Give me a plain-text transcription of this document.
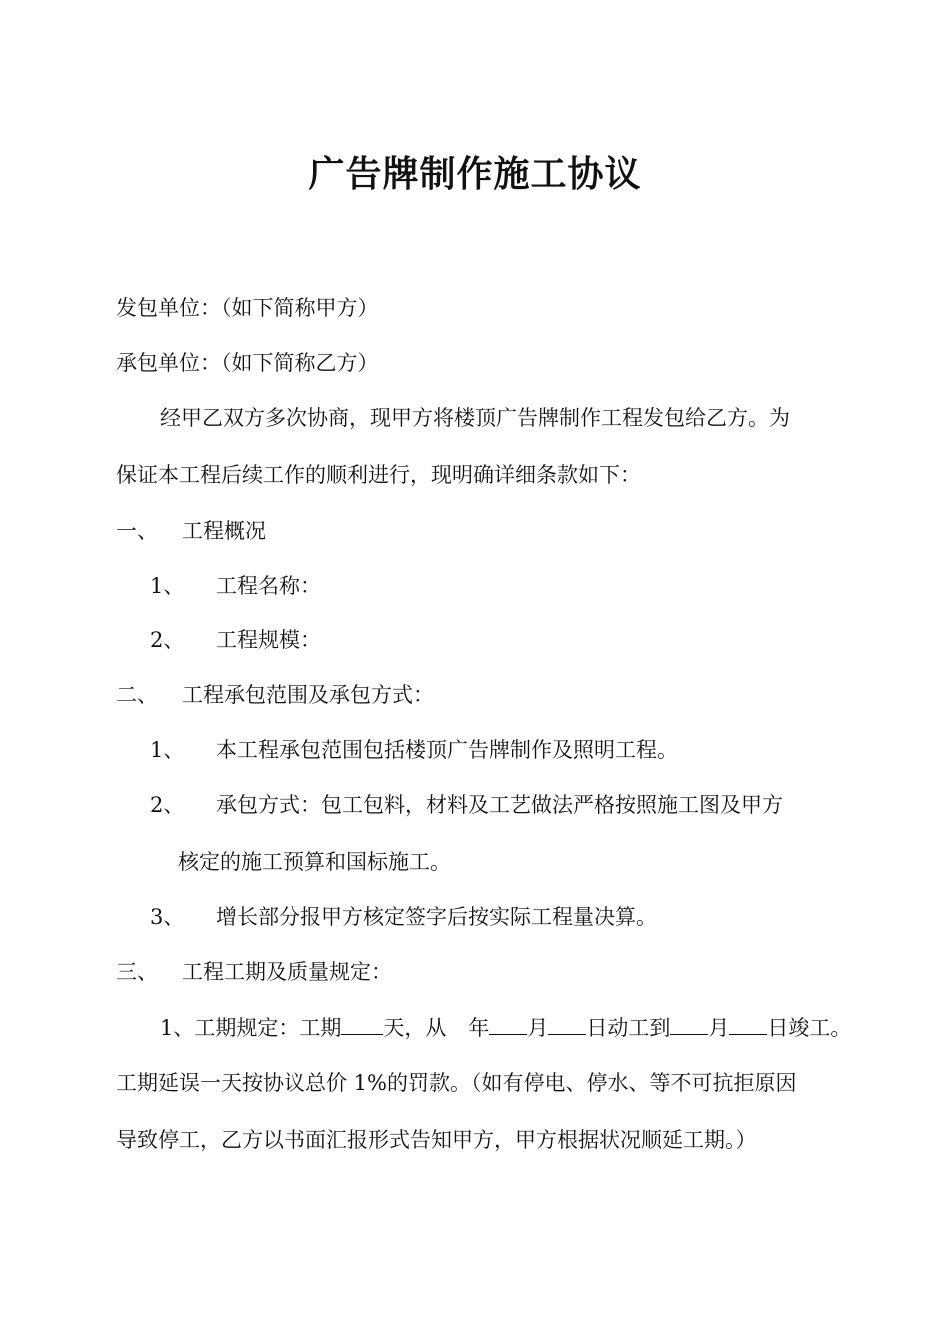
广告牌制作施工协议
发包单位：（如下简称甲方）
承包单位：（如下简称乙方）
经甲乙双方多次协商，现甲方将楼顶广告牌制作工程发包给乙方。为
保证本工程后续工作的顺利进行，现明确详细条款如下：
一、 工程概况
1、 工程名称：
2、 工程规模：
二、 工程承包范围及承包方式：
1、 本工程承包范围包括楼顶广告牌制作及照明工程。
2、 承包方式：包工包料，材料及工艺做法严格按照施工图及甲方
核定的施工预算和国标施工。
3、 增长部分报甲方核定签字后按实际工程量决算。
三、 工程工期及质量规定：
1、工期规定：工期 天，从 年 月 日动工到 月 日竣工。
工期延误一天按协议总价 1%的罚款。（如有停电、停水、等不可抗拒原因
导致停工，乙方以书面汇报形式告知甲方，甲方根据状况顺延工期。）
